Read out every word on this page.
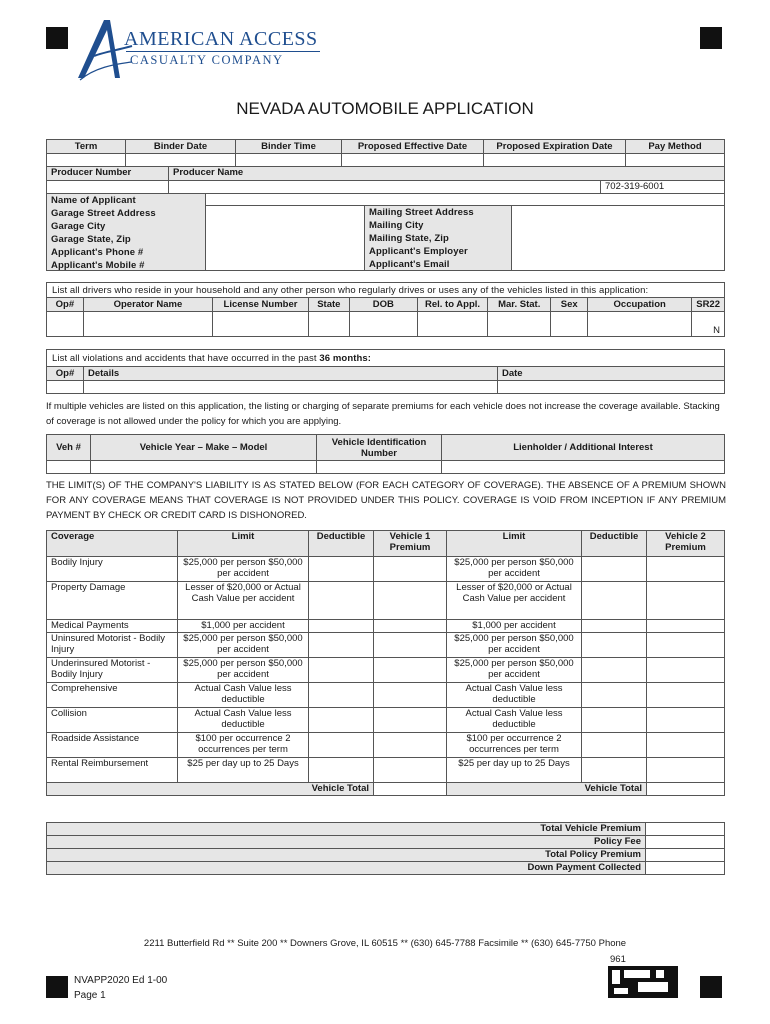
AMERICAN ACCESS
CASUALTY COMPANY
NEVADA AUTOMOBILE APPLICATION
Term	Binder Date	Binder Time	Proposed Effective Date	Proposed Expiration Date	Pay Method

Producer Number	Producer Name	
		702-319-6001
Name of Applicant
Garage Street Address
Garage City
Garage State, Zip
Applicant's Phone #
Applicant's Mobile #
Mailing Street Address
Mailing City
Mailing State, Zip
Applicant's Employer
Applicant's Email
List all drivers who reside in your household and any other person who regularly drives or uses any of the vehicles listed in this application:
Op#	Operator Name	License Number	State	DOB	Rel. to Appl.	Mar. Stat.	Sex	Occupation	SR22
									N
List all violations and accidents that have occurred in the past 36 months:
Op#	Details	Date

If multiple vehicles are listed on this application, the listing or charging of separate premiums for each vehicle does not increase the coverage available. Stacking of coverage is not allowed under the policy for which you are applying.
Veh #	Vehicle Year – Make – Model	Vehicle Identification Number	Lienholder / Additional Interest

THE LIMIT(S) OF THE COMPANY'S LIABILITY IS AS STATED BELOW (FOR EACH CATEGORY OF COVERAGE). THE ABSENCE OF A PREMIUM SHOWN FOR ANY COVERAGE MEANS THAT COVERAGE IS NOT PROVIDED UNDER THIS POLICY. COVERAGE IS VOID FROM INCEPTION IF ANY PREMIUM PAYMENT BY CHECK OR CREDIT CARD IS DISHONORED.
Coverage	Limit	Deductible	Vehicle 1 Premium	Limit	Deductible	Vehicle 2 Premium
Bodily Injury	$25,000 per person $50,000 per accident			$25,000 per person $50,000 per accident		
Property Damage	Lesser of $20,000 or Actual Cash Value per accident			Lesser of $20,000 or Actual Cash Value per accident		
Medical Payments	$1,000 per accident			$1,000 per accident		
Uninsured Motorist - Bodily Injury	$25,000 per person $50,000 per accident			$25,000 per person $50,000 per accident		
Underinsured Motorist - Bodily Injury	$25,000 per person $50,000 per accident			$25,000 per person $50,000 per accident		
Comprehensive	Actual Cash Value less deductible			Actual Cash Value less deductible		
Collision	Actual Cash Value less deductible			Actual Cash Value less deductible		
Roadside Assistance	$100 per occurrence 2 occurrences per term			$100 per occurrence 2 occurrences per term		
Rental Reimbursement	$25 per day up to 25 Days			$25 per day up to 25 Days		
Vehicle Total				Vehicle Total		
Total Vehicle Premium	
Policy Fee	
Total Policy Premium	
Down Payment Collected	
2211 Butterfield Rd ** Suite 200 ** Downers Grove, IL 60515 ** (630) 645-7788 Facsimile ** (630) 645-7750 Phone
961
NVAPP2020 Ed 1-00
Page 1
